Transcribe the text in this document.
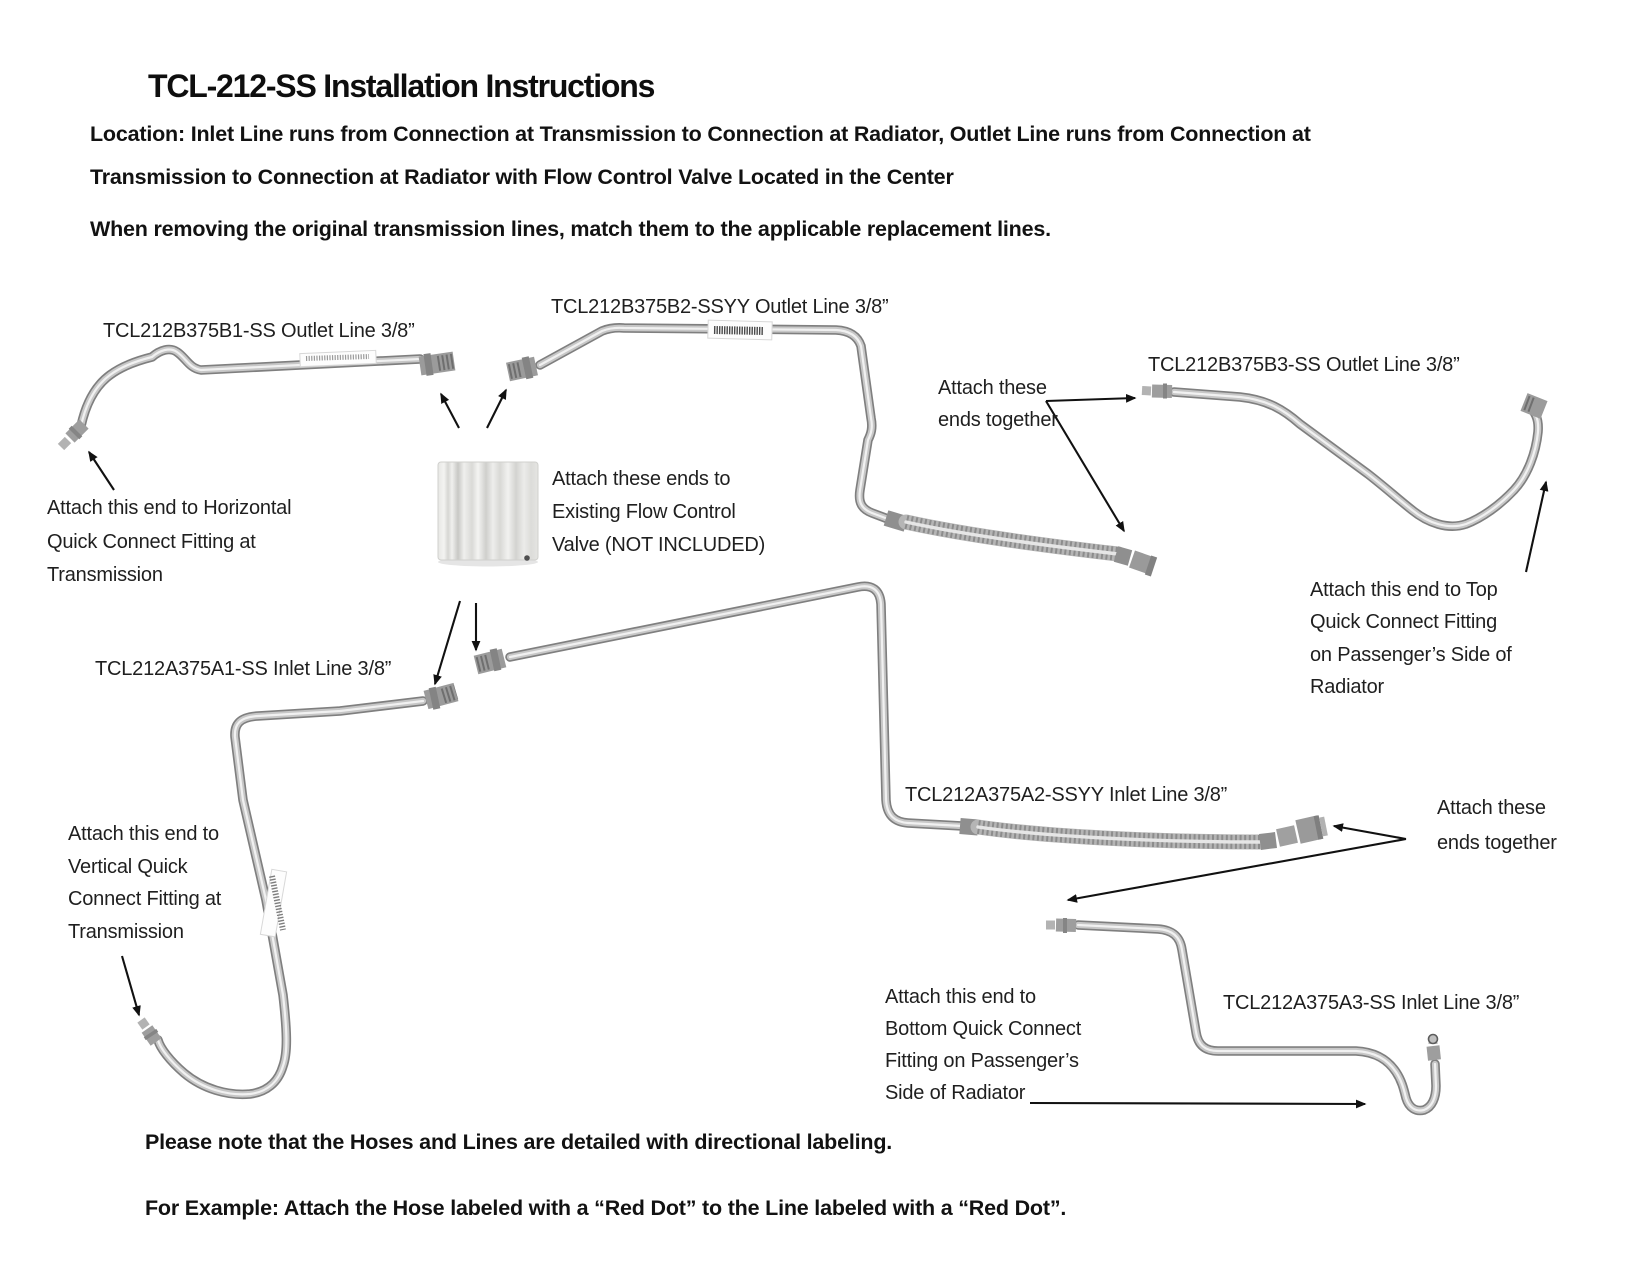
TCL-212-SS Installation Instructions
Location: Inlet Line runs from Connection at Transmission to Connection at Radiator, Outlet Line runs from Connection at
Transmission to Connection at Radiator with Flow Control Valve Located in the Center
When removing the original transmission lines, match them to the applicable replacement lines.
TCL212B375B1-SS Outlet Line 3/8”
TCL212B375B2-SSYY Outlet Line 3/8”
TCL212B375B3-SS Outlet Line 3/8”
TCL212A375A1-SS Inlet Line 3/8”
TCL212A375A2-SSYY Inlet Line 3/8”
TCL212A375A3-SS Inlet Line 3/8”
Attach this end to Horizontal
Quick Connect Fitting at
Transmission
Attach these ends to
Existing Flow Control
Valve (NOT INCLUDED)
Attach these
ends together
Attach this end to Top
Quick Connect Fitting
on Passenger’s Side of
Radiator
Attach this end to
Vertical Quick
Connect Fitting at
Transmission
Attach these
ends together
Attach this end to
Bottom Quick Connect
Fitting on Passenger’s
Side of Radiator
Please note that the Hoses and Lines are detailed with directional labeling.
For Example: Attach the Hose labeled with a “Red Dot” to the Line labeled with a “Red Dot”.
